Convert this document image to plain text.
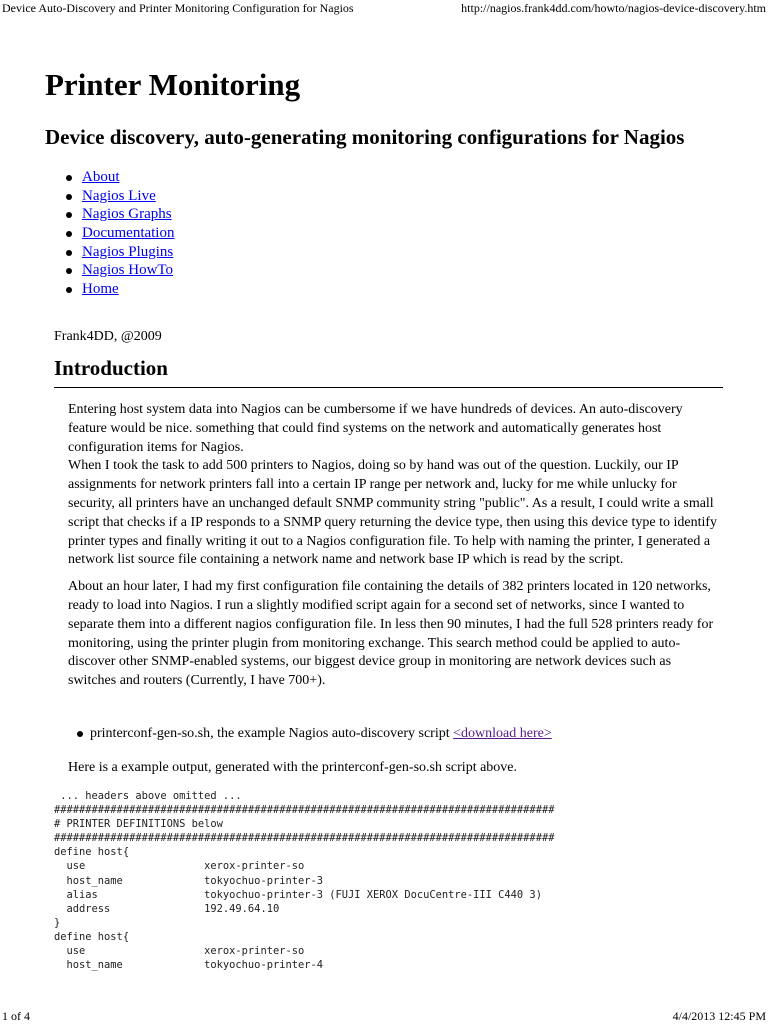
Device Auto-Discovery and Printer Monitoring Configuration for Nagios	http://nagios.frank4dd.com/howto/nagios-device-discovery.htm
Printer Monitoring
Device discovery, auto-generating monitoring configurations for Nagios
About
Nagios Live
Nagios Graphs
Documentation
Nagios Plugins
Nagios HowTo
Home
Frank4DD, @2009
Introduction

Entering host system data into Nagios can be cumbersome if we have hundreds of devices. An auto-discovery feature would be nice. something that could find systems on the network and automatically generates host configuration items for Nagios.

When I took the task to add 500 printers to Nagios, doing so by hand was out of the question. Luckily, our IP assignments for network printers fall into a certain IP range per network and, lucky for me while unlucky for security, all printers have an unchanged default SNMP community string "public". As a result, I could write a small script that checks if a IP responds to a SNMP query returning the device type, then using this device type to identify printer types and finally writing it out to a Nagios configuration file. To help with naming the printer, I generated a network list source file containing a network name and network base IP which is read by the script.

About an hour later, I had my first configuration file containing the details of 382 printers located in 120 networks, ready to load into Nagios. I run a slightly modified script again for a second set of networks, since I wanted to separate them into a different nagios configuration file. In less then 90 minutes, I had the full 528 printers ready for monitoring, using the printer plugin from monitoring exchange. This search method could be applied to auto-discover other SNMP-enabled systems, our biggest device group in monitoring are network devices such as switches and routers (Currently, I have 700+).

printerconf-gen-so.sh, the example Nagios auto-discovery script <download here>
Here is a example output, generated with the printerconf-gen-so.sh script above.
... headers above omitted ...
################################################################################
# PRINTER DEFINITIONS below
################################################################################
define host{
use                   xerox-printer-so
host_name             tokyochuo-printer-3
alias                 tokyochuo-printer-3 (FUJI XEROX DocuCentre-III C440 3)
address               192.49.64.10
}
define host{
use                   xerox-printer-so
host_name             tokyochuo-printer-4
1 of 4	4/4/2013 12:45 PM
